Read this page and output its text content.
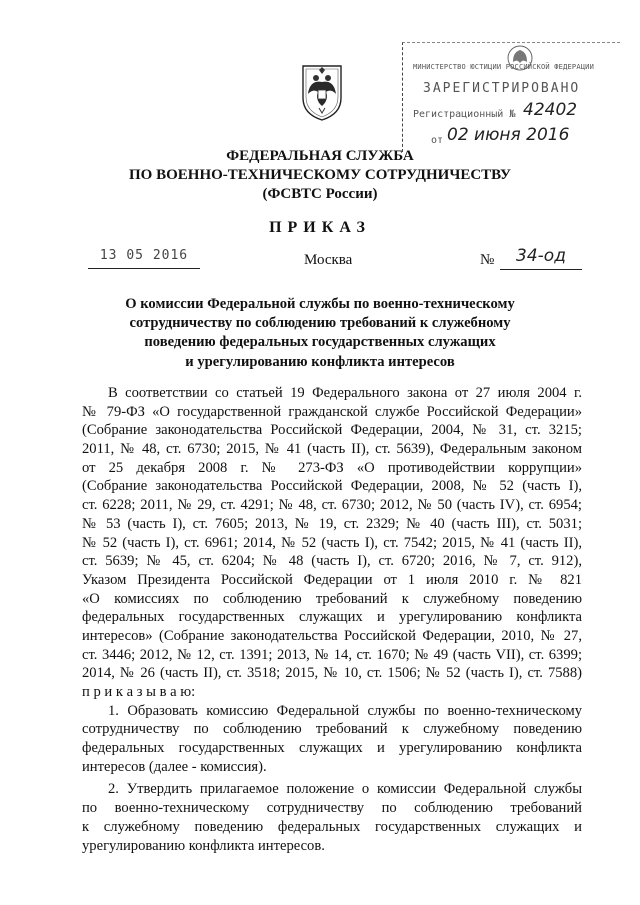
МИНИСТЕРСТВО ЮСТИЦИИ РОССИЙСКОЙ ФЕДЕРАЦИИ
ЗАРЕГИСТРИРОВАНО
Регистрационный № 42402
от 02 июня 2016
ФЕДЕРАЛЬНАЯ СЛУЖБА
ПО ВОЕННО-ТЕХНИЧЕСКОМУ СОТРУДНИЧЕСТВУ
(ФСВТС России)
ПРИКАЗ
13 05 2016	Москва	№	34-од
О комиссии Федеральной службы по военно-техническому
сотрудничеству по соблюдению требований к служебному
поведению федеральных государственных служащих
и урегулированию конфликта интересов
В соответствии со статьей 19 Федерального закона от 27 июля 2004 г.
№ 79-ФЗ «О государственной гражданской службе Российской Федерации»
(Собрание законодательства Российской Федерации, 2004, № 31, ст. 3215;
2011, № 48, ст. 6730; 2015, № 41 (часть II), ст. 5639), Федеральным законом
от 25 декабря 2008 г. № 273-ФЗ «О противодействии коррупции»
(Собрание законодательства Российской Федерации, 2008, № 52 (часть I),
ст. 6228; 2011, № 29, ст. 4291; № 48, ст. 6730; 2012, № 50 (часть IV), ст. 6954;
№ 53 (часть I), ст. 7605; 2013, № 19, ст. 2329; № 40 (часть III), ст. 5031;
№ 52 (часть I), ст. 6961; 2014, № 52 (часть I), ст. 7542; 2015, № 41 (часть II),
ст. 5639; № 45, ст. 6204; № 48 (часть I), ст. 6720; 2016, № 7, ст. 912),
Указом Президента Российской Федерации от 1 июля 2010 г. № 821
«О комиссиях по соблюдению требований к служебному поведению
федеральных государственных служащих и урегулированию конфликта
интересов» (Собрание законодательства Российской Федерации, 2010, № 27,
ст. 3446; 2012, № 12, ст. 1391; 2013, № 14, ст. 1670; № 49 (часть VII), ст. 6399;
2014, № 26 (часть II), ст. 3518; 2015, № 10, ст. 1506; № 52 (часть I), ст. 7588)
п р и к а з ы в а ю:
1. Образовать комиссию Федеральной службы по военно-техническому
сотрудничеству по соблюдению требований к служебному поведению
федеральных государственных служащих и урегулированию конфликта
интересов (далее - комиссия).
2. Утвердить прилагаемое положение о комиссии Федеральной службы
по военно-техническому сотрудничеству по соблюдению требований
к служебному поведению федеральных государственных служащих и
урегулированию конфликта интересов.
